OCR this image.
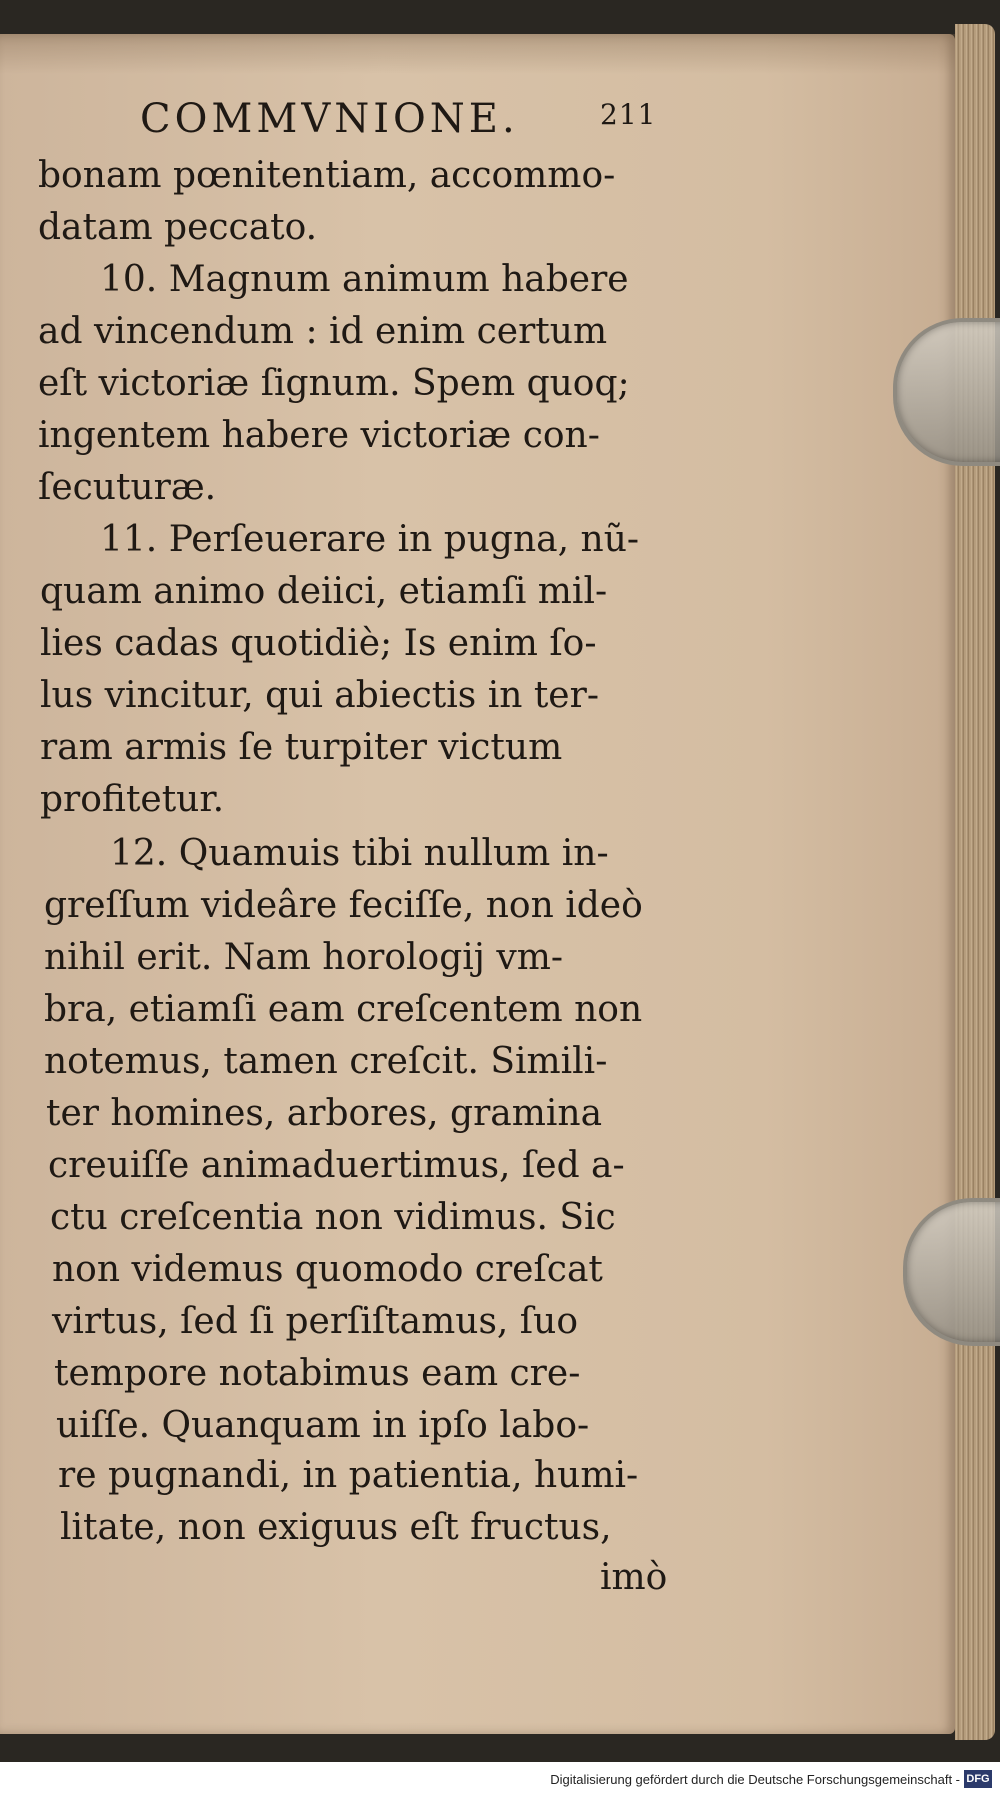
COMMVNIONE.	211
bonam pœnitentiam, accommo-
datam peccato.
10. Magnum animum habere
ad vincendum : id enim certum
eſt victoriæ ſignum. Spem quoq;
ingentem habere victoriæ con-
ſecuturæ.
11. Perſeuerare in pugna, nũ-
quam animo deiici, etiamſi mil-
lies cadas quotidiè; Is enim ſo-
lus vincitur, qui abiectis in ter-
ram armis ſe turpiter victum
profitetur.
12. Quamuis tibi nullum in-
greſſum videâre feciſſe, non ideò
nihil erit. Nam horologij vm-
bra, etiamſi eam creſcentem non
notemus, tamen creſcit. Simili-
ter homines, arbores, gramina
creuiſſe animaduertimus, ſed a-
ctu creſcentia non vidimus. Sic
non videmus quomodo creſcat
virtus, ſed ſi perſiſtamus, ſuo
tempore notabimus eam cre-
uiſſe. Quanquam in ipſo labo-
re pugnandi, in patientia, humi-
litate, non exiguus eſt fructus,
imò
Digitalisierung gefördert durch die Deutsche Forschungsgemeinschaft - DFG
